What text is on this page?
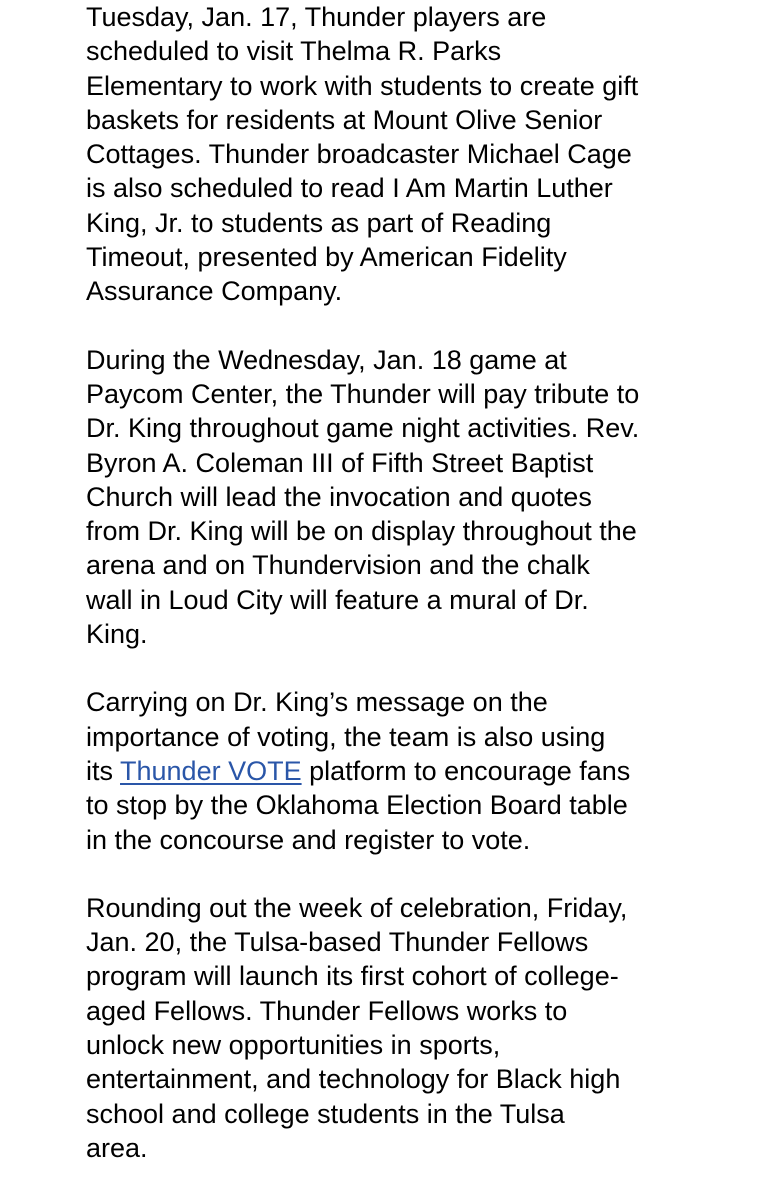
Tuesday, Jan. 17, Thunder players are
scheduled to visit Thelma R. Parks
Elementary to work with students to create gift
baskets for residents at Mount Olive Senior
Cottages. Thunder broadcaster Michael Cage
is also scheduled to read I Am Martin Luther
King, Jr. to students as part of Reading
Timeout, presented by American Fidelity
Assurance Company.

During the Wednesday, Jan. 18 game at
Paycom Center, the Thunder will pay tribute to
Dr. King throughout game night activities. Rev.
Byron A. Coleman III of Fifth Street Baptist
Church will lead the invocation and quotes
from Dr. King will be on display throughout the
arena and on Thundervision and the chalk
wall in Loud City will feature a mural of Dr.
King.

Carrying on Dr. King’s message on the
importance of voting, the team is also using
its Thunder VOTE platform to encourage fans
to stop by the Oklahoma Election Board table
in the concourse and register to vote.

Rounding out the week of celebration, Friday,
Jan. 20, the Tulsa-based Thunder Fellows
program will launch its first cohort of college-
aged Fellows. Thunder Fellows works to
unlock new opportunities in sports,
entertainment, and technology for Black high
school and college students in the Tulsa
area.
